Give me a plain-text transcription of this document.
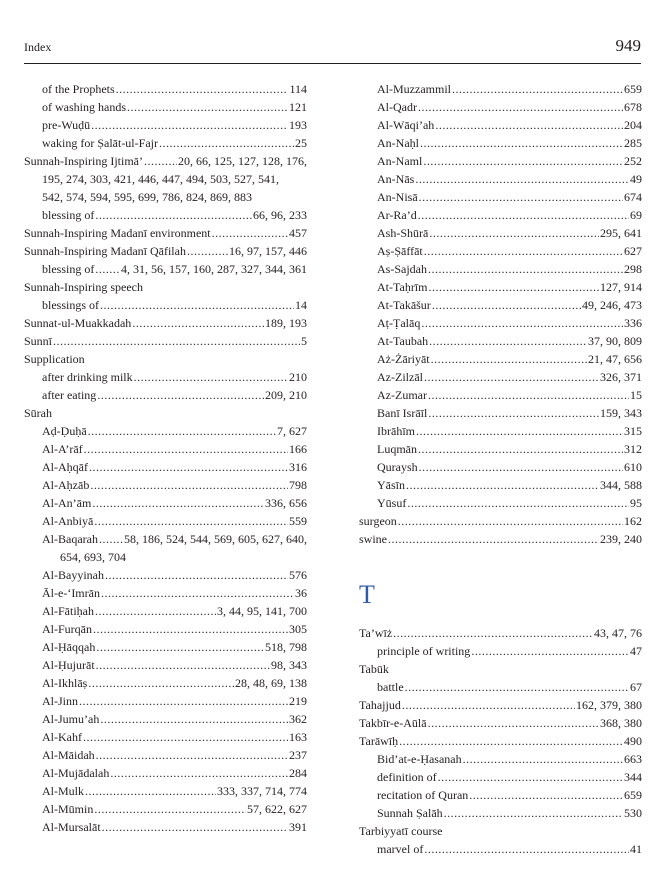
Index	949
of the Prophets .....	114
of washing hands .....	121
pre-Wuḍū .....	193
waking for Ṣalāt-ul-Fajr .....	25
Sunnah-Inspiring Ijtimā’ .....	20, 66, 125, 127, 128, 176,
195, 274, 303, 421, 446, 447, 494, 503, 527, 541,
542, 574, 594, 595, 699, 786, 824, 869, 883
blessing of .....	66, 96, 233
Sunnah-Inspiring Madanī environment .....	457
Sunnah-Inspiring Madanī Qāfilah .....	16, 97, 157, 446
blessing of ..... 4, 31, 56, 157, 160, 287, 327, 344, 361
Sunnah-Inspiring speech
blessings of .....	14
Sunnat-ul-Muakkadah .....	189, 193
Sunnī .....	5
Supplication
after drinking milk .....	210
after eating .....	209, 210
Sūrah
Aḍ-Ḍuḥā .....	7, 627
Al-A’rāf .....	166
Al-Aḥqāf .....	316
Al-Aḥzāb .....	798
Al-An’ām .....	336, 656
Al-Anbiyā .....	559
Al-Baqarah ..... 58, 186, 524, 544, 569, 605, 627, 640,
654, 693, 704
Al-Bayyinah .....	576
Āl-e-‘Imrān .....	36
Al-Fātiḥah .....	3, 44, 95, 141, 700
Al-Furqān .....	305
Al-Ḥāqqah .....	518, 798
Al-Ḥujurāt .....	98, 343
Al-Ikhlāṣ .....	28, 48, 69, 138
Al-Jinn .....	219
Al-Jumu’ah .....	362
Al-Kahf .....	163
Al-Māidah .....	237
Al-Mujādalah .....	284
Al-Mulk .....	333, 337, 714, 774
Al-Mūmin .....	57, 622, 627
Al-Mursalāt .....	391
Al-Muzzammil .....	659
Al-Qadr .....	678
Al-Wāqi’ah .....	204
An-Naḥl .....	285
An-Naml .....	252
An-Nās .....	49
An-Nisā .....	674
Ar-Ra’d .....	69
Ash-Shūrā .....	295, 641
Aṣ-Ṣāffāt .....	627
As-Sajdah .....	298
At-Taḥrīm .....	127, 914
At-Takāšur .....	49, 246, 473
Aṭ-Ṭalāq .....	336
At-Taubah .....	37, 90, 809
Aż-Żāriyāt .....	21, 47, 656
Az-Zilzāl .....	326, 371
Az-Zumar .....	15
Banī Isrāīl .....	159, 343
Ibrāhīm .....	315
Luqmān .....	312
Quraysh .....	610
Yāsīn .....	344, 588
Yūsuf .....	95
surgeon .....	162
swine .....	239, 240
T
Ta’wīż .....	43, 47, 76
principle of writing .....	47
Tabūk
battle .....	67
Tahajjud .....	162, 379, 380
Takbīr-e-Aūlā .....	368, 380
Tarāwīḥ .....	490
Bid’at-e-Ḥasanah .....	663
definition of .....	344
recitation of Quran .....	659
Sunnah Ṣalāh .....	530
Tarbiyyatī course
marvel of .....	41
